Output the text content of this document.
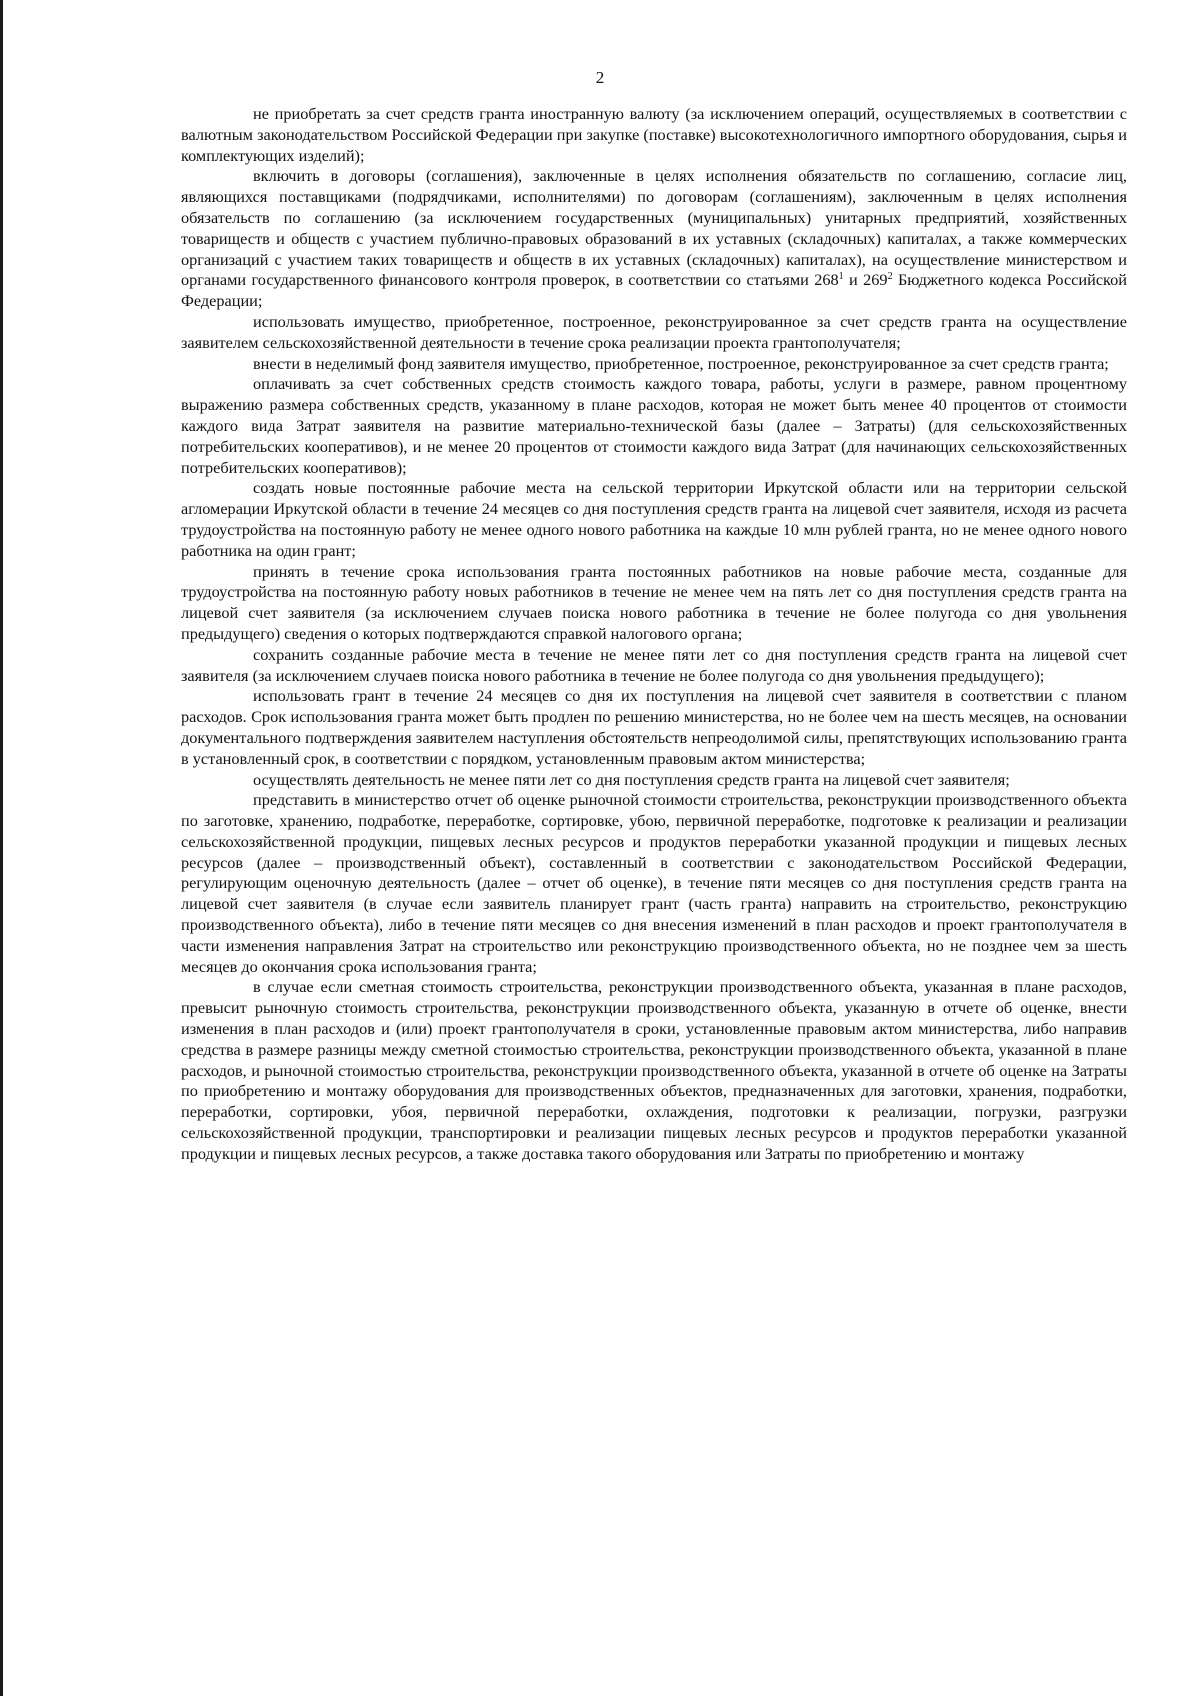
2

не приобретать за счет средств гранта иностранную валюту (за исключением операций, осуществляемых в соответствии с валютным законодательством Российской Федерации при закупке (поставке) высокотехнологичного импортного оборудования, сырья и комплектующих изделий);

включить в договоры (соглашения), заключенные в целях исполнения обязательств по соглашению, согласие лиц, являющихся поставщиками (подрядчиками, исполнителями) по договорам (соглашениям), заключенным в целях исполнения обязательств по соглашению (за исключением государственных (муниципальных) унитарных предприятий, хозяйственных товариществ и обществ с участием публично-правовых образований в их уставных (складочных) капиталах, а также коммерческих организаций с участием таких товариществ и обществ в их уставных (складочных) капиталах), на осуществление министерством и органами государственного финансового контроля проверок, в соответствии со статьями $268^1$ и $269^2$ Бюджетного кодекса Российской Федерации;

использовать имущество, приобретенное, построенное, реконструированное за счет средств гранта на осуществление заявителем сельскохозяйственной деятельности в течение срока реализации проекта грантополучателя;

внести в неделимый фонд заявителя имущество, приобретенное, построенное, реконструированное за счет средств гранта;

оплачивать за счет собственных средств стоимость каждого товара, работы, услуги в размере, равном процентному выражению размера собственных средств, указанному в плане расходов, которая не может быть менее 40 процентов от стоимости каждого вида Затрат заявителя на развитие материально-технической базы (далее – Затраты) (для сельскохозяйственных потребительских кооперативов), и не менее 20 процентов от стоимости каждого вида Затрат (для начинающих сельскохозяйственных потребительских кооперативов);

создать новые постоянные рабочие места на сельской территории Иркутской области или на территории сельской агломерации Иркутской области в течение 24 месяцев со дня поступления средств гранта на лицевой счет заявителя, исходя из расчета трудоустройства на постоянную работу не менее одного нового работника на каждые 10 млн рублей гранта, но не менее одного нового работника на один грант;

принять в течение срока использования гранта постоянных работников на новые рабочие места, созданные для трудоустройства на постоянную работу новых работников в течение не менее чем на пять лет со дня поступления средств гранта на лицевой счет заявителя (за исключением случаев поиска нового работника в течение не более полугода со дня увольнения предыдущего) сведения о которых подтверждаются справкой налогового органа;

сохранить созданные рабочие места в течение не менее пяти лет со дня поступления средств гранта на лицевой счет заявителя (за исключением случаев поиска нового работника в течение не более полугода со дня увольнения предыдущего);

использовать грант в течение 24 месяцев со дня их поступления на лицевой счет заявителя в соответствии с планом расходов. Срок использования гранта может быть продлен по решению министерства, но не более чем на шесть месяцев, на основании документального подтверждения заявителем наступления обстоятельств непреодолимой силы, препятствующих использованию гранта в установленный срок, в соответствии с порядком, установленным правовым актом министерства;

осуществлять деятельность не менее пяти лет со дня поступления средств гранта на лицевой счет заявителя;

представить в министерство отчет об оценке рыночной стоимости строительства, реконструкции производственного объекта по заготовке, хранению, подработке, переработке, сортировке, убою, первичной переработке, подготовке к реализации и реализации сельскохозяйственной продукции, пищевых лесных ресурсов и продуктов переработки указанной продукции и пищевых лесных ресурсов (далее – производственный объект), составленный в соответствии с законодательством Российской Федерации, регулирующим оценочную деятельность (далее – отчет об оценке), в течение пяти месяцев со дня поступления средств гранта на лицевой счет заявителя (в случае если заявитель планирует грант (часть гранта) направить на строительство, реконструкцию производственного объекта), либо в течение пяти месяцев со дня внесения изменений в план расходов и проект грантополучателя в части изменения направления Затрат на строительство или реконструкцию производственного объекта, но не позднее чем за шесть месяцев до окончания срока использования гранта;

в случае если сметная стоимость строительства, реконструкции производственного объекта, указанная в плане расходов, превысит рыночную стоимость строительства, реконструкции производственного объекта, указанную в отчете об оценке, внести изменения в план расходов и (или) проект грантополучателя в сроки, установленные правовым актом министерства, либо направив средства в размере разницы между сметной стоимостью строительства, реконструкции производственного объекта, указанной в плане расходов, и рыночной стоимостью строительства, реконструкции производственного объекта, указанной в отчете об оценке на Затраты по приобретению и монтажу оборудования для производственных объектов, предназначенных для заготовки, хранения, подработки, переработки, сортировки, убоя, первичной переработки, охлаждения, подготовки к реализации, погрузки, разгрузки сельскохозяйственной продукции, транспортировки и реализации пищевых лесных ресурсов и продуктов переработки указанной продукции и пищевых лесных ресурсов, а также доставка такого оборудования или Затраты по приобретению и монтажу
